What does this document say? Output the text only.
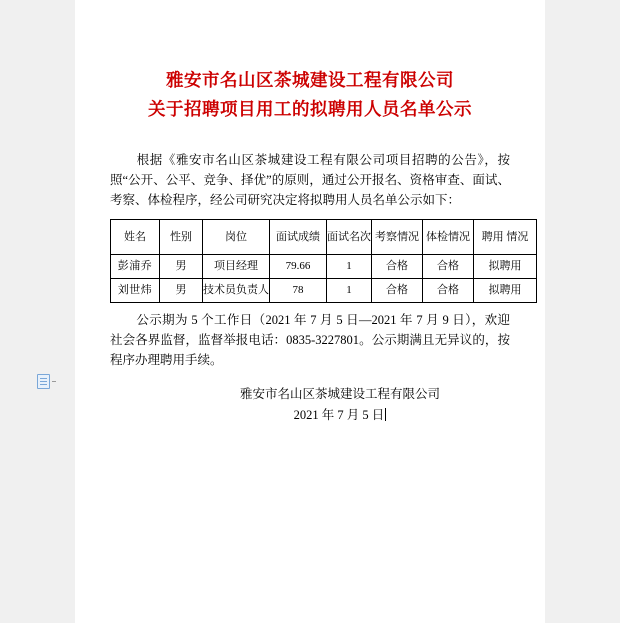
雅安市名山区茶城建设工程有限公司
关于招聘项目用工的拟聘用人员名单公示
根据《雅安市名山区茶城建设工程有限公司项目招聘的公告》，按照“公开、公平、竞争、择优”的原则，通过公开报名、资格审查、面试、考察、体检程序，经公司研究决定将拟聘用人员名单公示如下：
姓名	性别	岗位	面试成绩	面试名次	考察情况	体检情况	聘用 情况
彭浦乔	男	项目经理	79.66	1	合格	合格	拟聘用
刘世炜	男	技术员负责人	78	1	合格	合格	拟聘用
公示期为 5 个工作日（2021 年 7 月 5 日—2021 年 7 月 9 日），欢迎社会各界监督，监督举报电话：0835-3227801。公示期满且无异议的，按程序办理聘用手续。
雅安市名山区茶城建设工程有限公司
2021 年 7 月 5 日
